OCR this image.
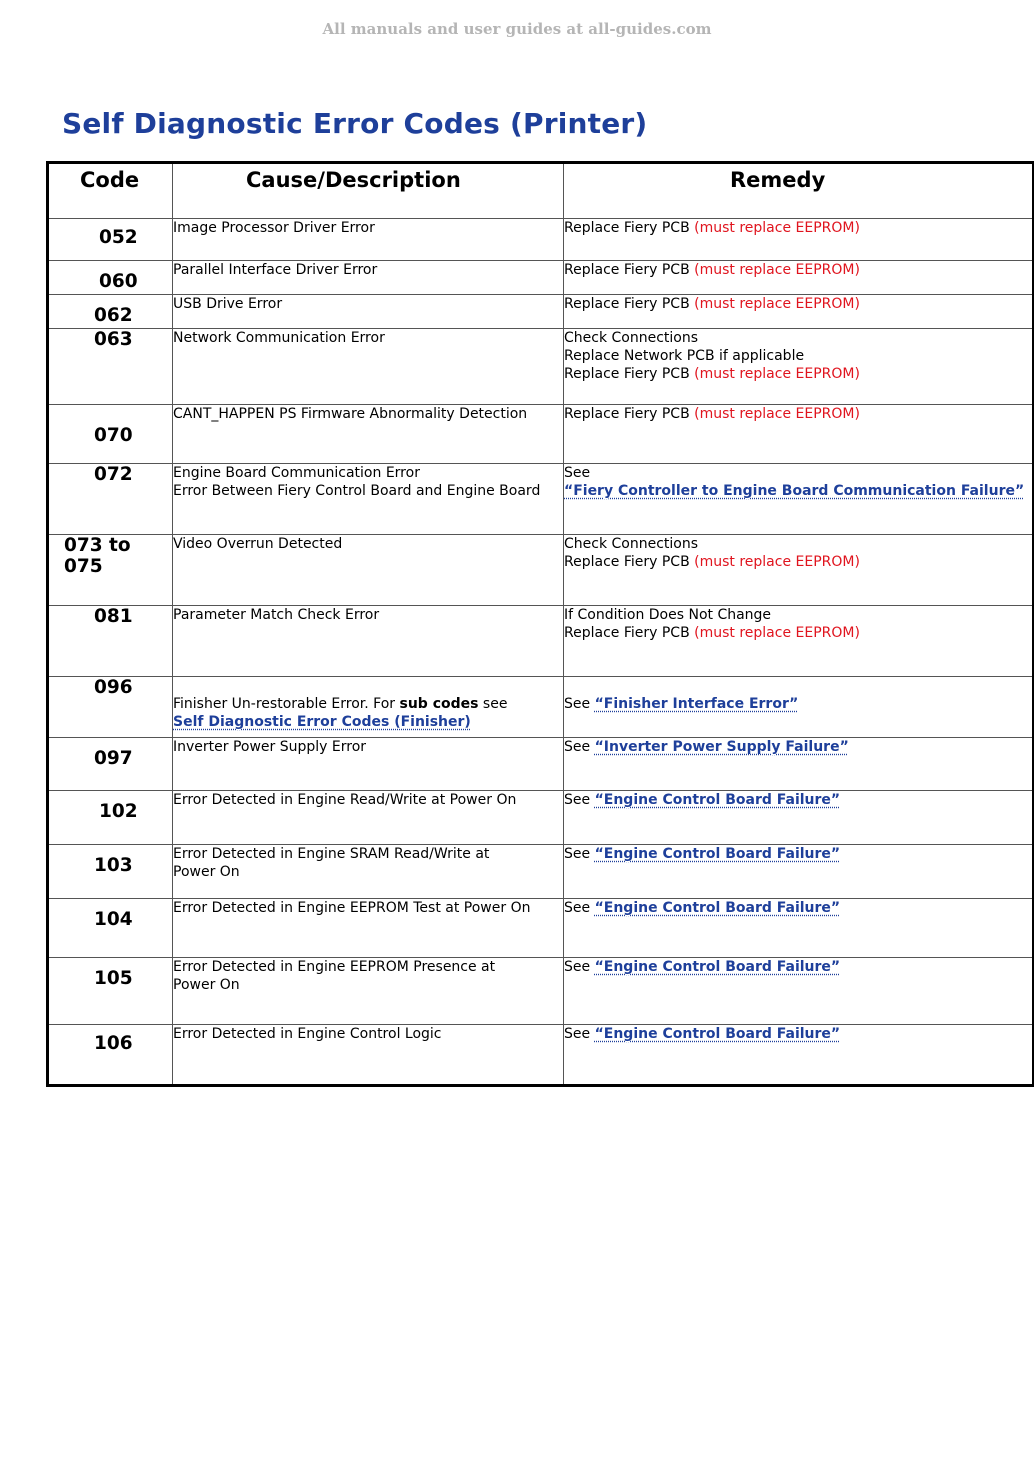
All manuals and user guides at all-guides.com
Self Diagnostic Error Codes (Printer)
Code	Cause/Description	Remedy

052	Image Processor Driver Error	Replace Fiery PCB (must replace EEPROM)

060	Parallel Interface Driver Error	Replace Fiery PCB (must replace EEPROM)

062	USB Drive Error	Replace Fiery PCB (must replace EEPROM)

063	Network Communication Error	Check Connections
Replace Network PCB if applicable
Replace Fiery PCB (must replace EEPROM)

070	CANT_HAPPEN PS Firmware Abnormality Detection	Replace Fiery PCB (must replace EEPROM)

072	Engine Board Communication Error
Error Between Fiery Control Board and Engine Board	See
“Fiery Controller to Engine Board Communication Failure”

073 to 075	Video Overrun Detected	Check Connections
Replace Fiery PCB (must replace EEPROM)

081	Parameter Match Check Error	If Condition Does Not Change
Replace Fiery PCB (must replace EEPROM)

096	Finisher Un-restorable Error. For sub codes see
Self Diagnostic Error Codes (Finisher)	See “Finisher Interface Error”

097	Inverter Power Supply Error	See “Inverter Power Supply Failure”

102	Error Detected in Engine Read/Write at Power On	See “Engine Control Board Failure”

103	Error Detected in Engine SRAM Read/Write at
Power On	See “Engine Control Board Failure”

104	Error Detected in Engine EEPROM Test at Power On	See “Engine Control Board Failure”

105	Error Detected in Engine EEPROM Presence at
Power On	See “Engine Control Board Failure”

106	Error Detected in Engine Control Logic	See “Engine Control Board Failure”
